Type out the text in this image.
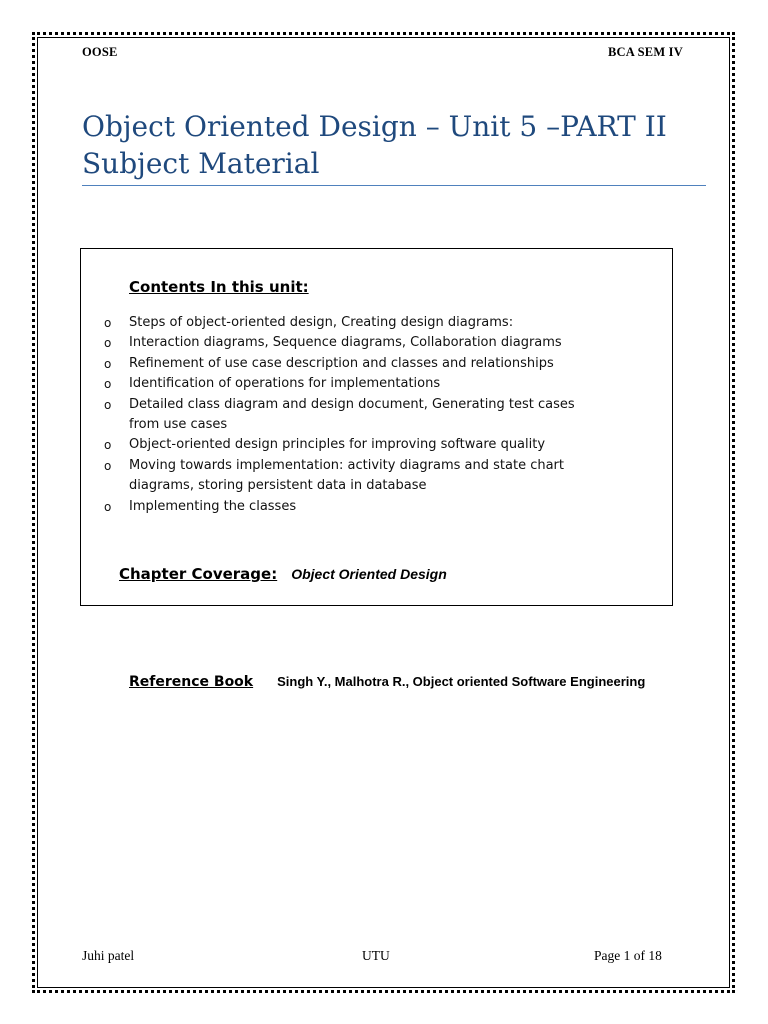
OOSE	BCA SEM IV
Object Oriented Design – Unit 5 –PART II
Subject Material
Contents In this unit:
o Steps of object-oriented design, Creating design diagrams:
o Interaction diagrams, Sequence diagrams, Collaboration diagrams
o Refinement of use case description and classes and relationships
o Identification of operations for implementations
o Detailed class diagram and design document, Generating test cases from use cases
o Object-oriented design principles for improving software quality
o Moving towards implementation: activity diagrams and state chart diagrams, storing persistent data in database
o Implementing the classes
Chapter Coverage: Object Oriented Design
Reference Book Singh Y., Malhotra R., Object oriented Software Engineering
Juhi patel	UTU	Page 1 of 18
